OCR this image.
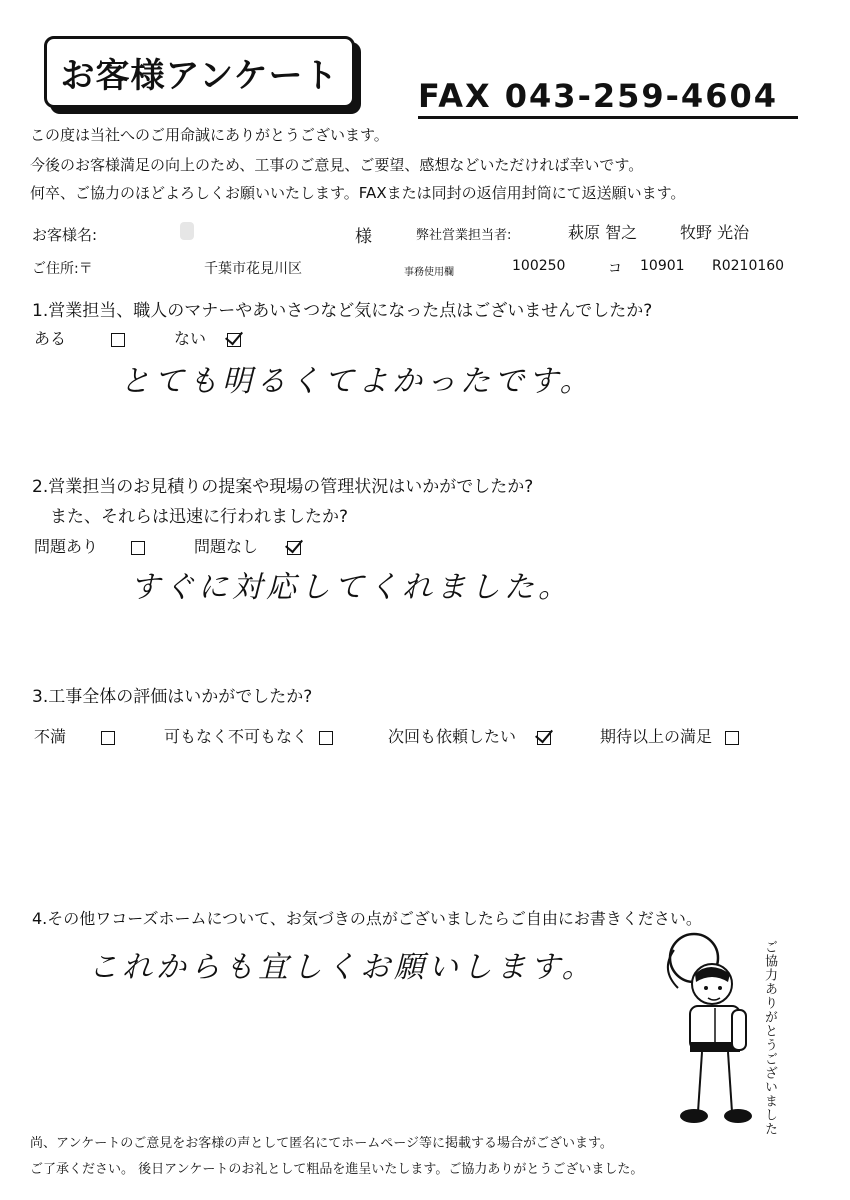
お客様アンケート
FAX 043-259-4604
この度は当社へのご用命誠にありがとうございます。
今後のお客様満足の向上のため、工事のご意見、ご要望、感想などいただければ幸いです。
何卒、ご協力のほどよろしくお願いいたします。FAXまたは同封の返信用封筒にて返送願います。
お客様名:	様	弊社営業担当者:	萩原 智之	牧野 光治
ご住所:〒	千葉市花見川区	事務使用欄	100250	コ 10901 R0210160
1.営業担当、職人のマナーやあいさつなど気になった点はございませんでしたか?
ある	ない
とても明るくてよかったです。
2.営業担当のお見積りの提案や現場の管理状況はいかがでしたか?
また、それらは迅速に行われましたか?
問題あり	問題なし
すぐに対応してくれました。
3.工事全体の評価はいかがでしたか?
不満	可もなく不可もなく	次回も依頼したい	期待以上の満足
4.その他ワコーズホームについて、お気づきの点がございましたらご自由にお書きください。
これからも宜しくお願いします。	ご協力ありがとうございました
尚、アンケートのご意見をお客様の声として匿名にてホームページ等に掲載する場合がございます。
ご了承ください。 後日アンケートのお礼として粗品を進呈いたします。ご協力ありがとうございました。
